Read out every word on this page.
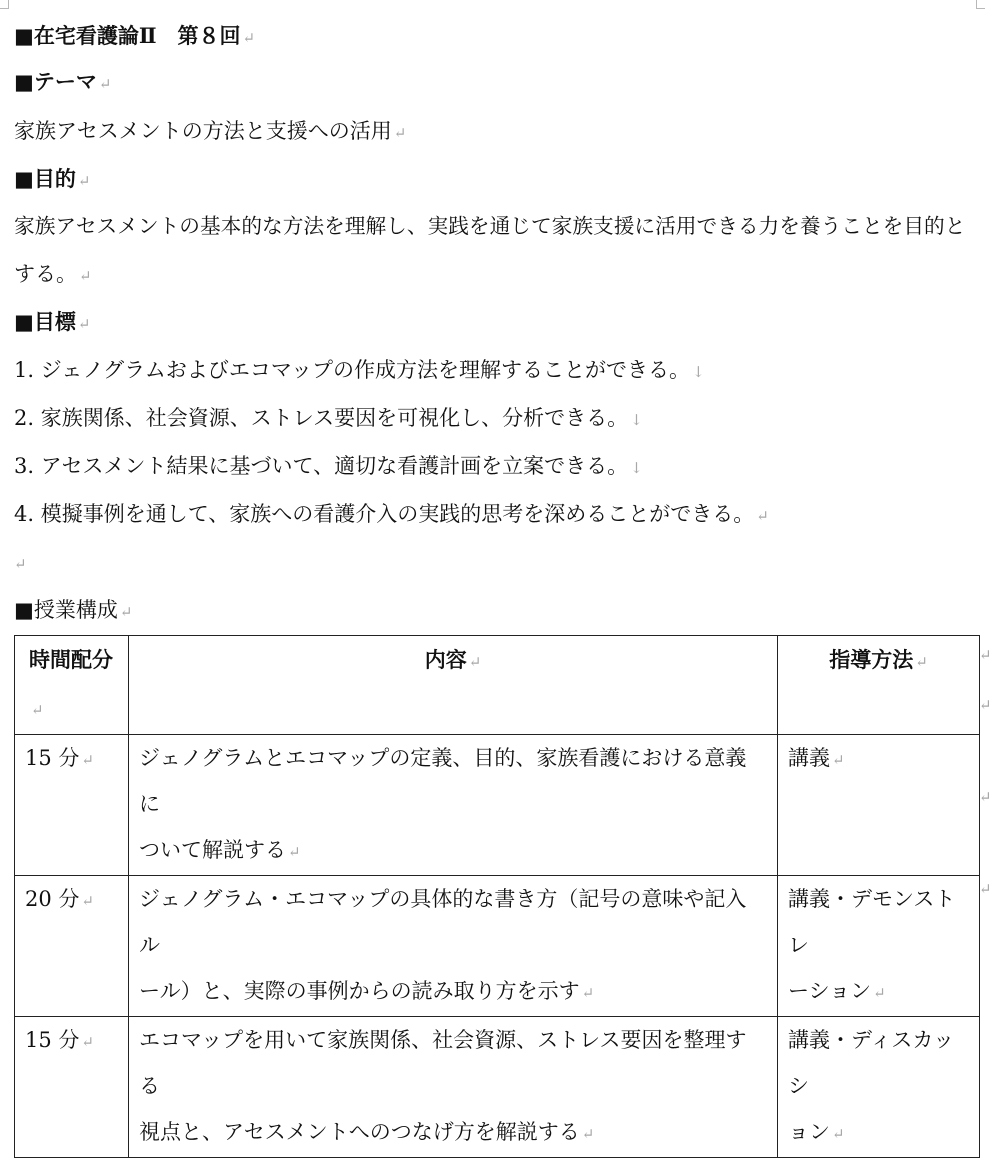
■在宅看護論Ⅱ　第８回 ↵
■テーマ ↵
家族アセスメントの方法と支援への活用 ↵
■目的 ↵
家族アセスメントの基本的な方法を理解し、実践を通じて家族支援に活用できる力を養うことを目的と
する。 ↵
■目標 ↵
1. ジェノグラムおよびエコマップの作成方法を理解することができる。 ↓
2. 家族関係、社会資源、ストレス要因を可視化し、分析できる。 ↓
3. アセスメント結果に基づいて、適切な看護計画を立案できる。 ↓
4. 模擬事例を通して、家族への看護介入の実践的思考を深めることができる。 ↵
↵
■授業構成 ↵
時間配分↵	内容 ↵	指導方法 ↵
15 分 ↵	ジェノグラムとエコマップの定義、目的、家族看護における意義に
ついて解説する ↵	講義 ↵
20 分 ↵	ジェノグラム・エコマップの具体的な書き方（記号の意味や記入ル
ール）と、実際の事例からの読み取り方を示す ↵	講義・デモンストレ
ーション ↵
15 分 ↵	エコマップを用いて家族関係、社会資源、ストレス要因を整理する
視点と、アセスメントへのつなげ方を解説する ↵	講義・ディスカッシ
ョン ↵
↵
↵
↵
↵
